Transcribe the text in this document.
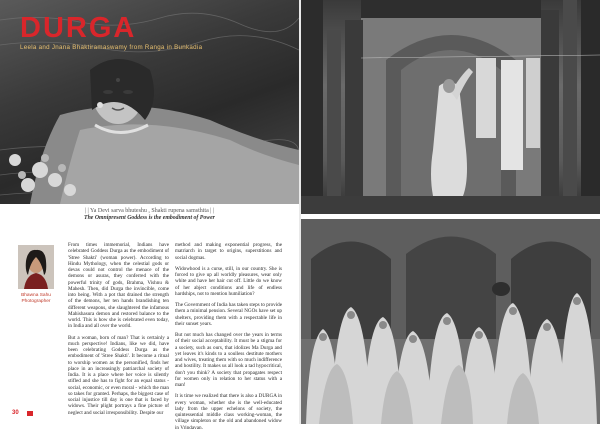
DURGA
Leela and Jnana Bhaktiramaswamy from Ranga in Bunkadia
| | Ya Devi sarva bhuteshu , Shakti rupena samsthita | |
The Omnipresent Goddess is the embodiment of Power
Bhawna Sahu Photographer

From times immemorial, Indians have celebrated Goddess Durga as the embodiment of 'Stree Shakti' (woman power). According to Hindu Mythology, when the celestial gods or devas could not control the menace of the demons or asuras, they conferred with the powerful trinity of gods, Brahma, Vishnu & Mahesh. Then, did Durga the invincible, come into being. With a pot that drained the strength of the demons, her ten hands brandishing ten different weapons, she slaughtered the infamous Mahishasura demon and restored balance to the world. This is how she is celebrated even today, in India and all over the world.

But a woman, born of man? That is certainly a much perspective! Indians, like we did, have been celebrating Goddess Durga as the embodiment of 'Stree Shakti'. It become a ritual to worship women as the personified, finds her place in an increasingly patriarchal society of India. It is a place where her voice is silently stifled and she has to fight for an equal status - social, economic, or even moral - which the man so takes for granted. Perhaps, the biggest case of social injustice till day is one that is faced by widows. Their plight portrays a fine picture of neglect and social irresponsibility. Despite our

method and making exponential progress, the matriarch in target to origins, superstitions and social dogmas.

Widowhood is a curse, still, in our country. She is forced to give up all worldly pleasures, wear only white and have her hair cut off. Little do we know of her abject conditions and life of endless hardships, not to mention humiliation?

The Government of India has taken steps to provide them a minimal pension. Several NGOs have set up shelters, providing them with a respectable life in their sunset years.

But not much has changed over the years in terms of their social acceptability. It must be a stigma for a society, such as ours, that idolizes Ma Durga and yet leaves it's kinds to a soulless destitute mothers and wives, treating them with so much indifference and hostility. It makes us all look a tad hypocritical, don't you think? A society that propagates respect for women only in relation to her status with a man!

It is time we realized that there is also a DURGA in every woman, whether she is the well-educated lady from the upper echelons of society, the quintessential middle class working-woman, the village simpleton or the old and abandoned widow in Vrindavan.

30
